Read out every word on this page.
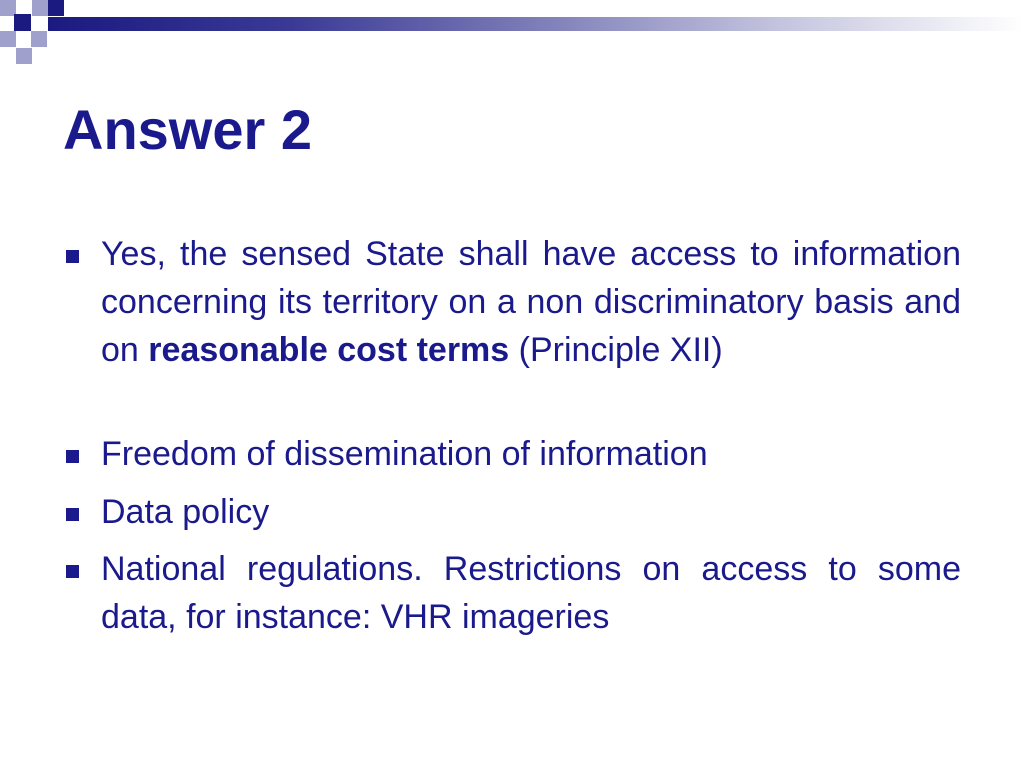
Answer 2
Yes, the sensed State shall have access to information concerning its territory on a non discriminatory basis and on reasonable cost terms (Principle XII)
Freedom of dissemination of information
Data policy
National regulations. Restrictions on access to some data, for instance: VHR imageries
